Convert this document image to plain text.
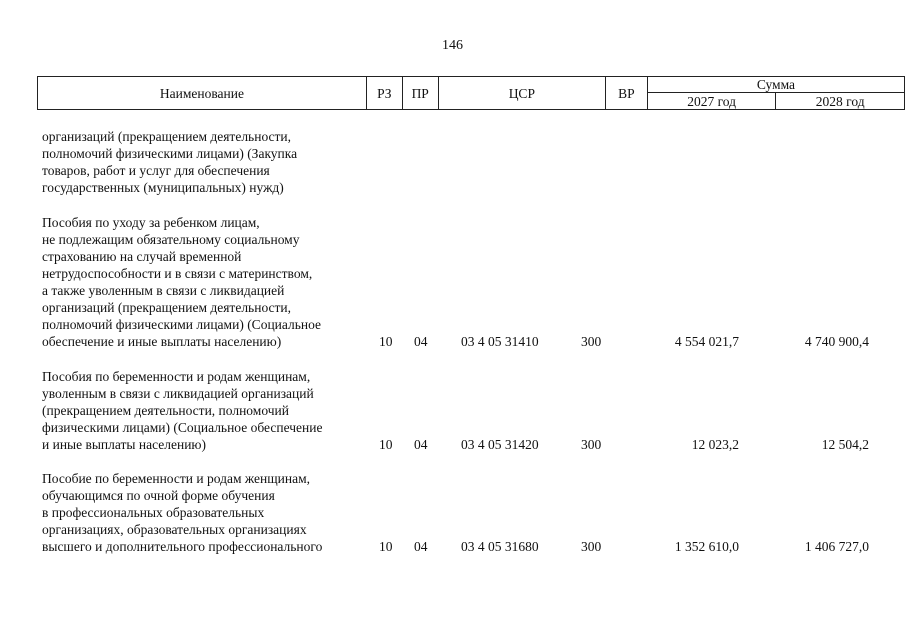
146
Наименование	РЗ	ПР	ЦСР	ВР	Сумма	
					2027 год	2028 год
организаций (прекращением деятельности,
полномочий физическими лицами) (Закупка
товаров, работ и услуг для обеспечения
государственных (муниципальных) нужд)
Пособия по уходу за ребенком лицам,
не подлежащим обязательному социальному
страхованию на случай временной
нетрудоспособности и в связи с материнством,
а также уволенным в связи с ликвидацией
организаций (прекращением деятельности,
полномочий физическими лицами) (Социальное
обеспечение и иные выплаты населению)	10	04	03 4 05 31410	300	4 554 021,7	4 740 900,4
Пособия по беременности и родам женщинам,
уволенным в связи с ликвидацией организаций
(прекращением деятельности, полномочий
физическими лицами) (Социальное обеспечение
и иные выплаты населению)	10	04	03 4 05 31420	300	12 023,2	12 504,2
Пособие по беременности и родам женщинам,
обучающимся по очной форме обучения
в профессиональных образовательных
организациях, образовательных организациях
высшего и дополнительного профессионального	10	04	03 4 05 31680	300	1 352 610,0	1 406 727,0
